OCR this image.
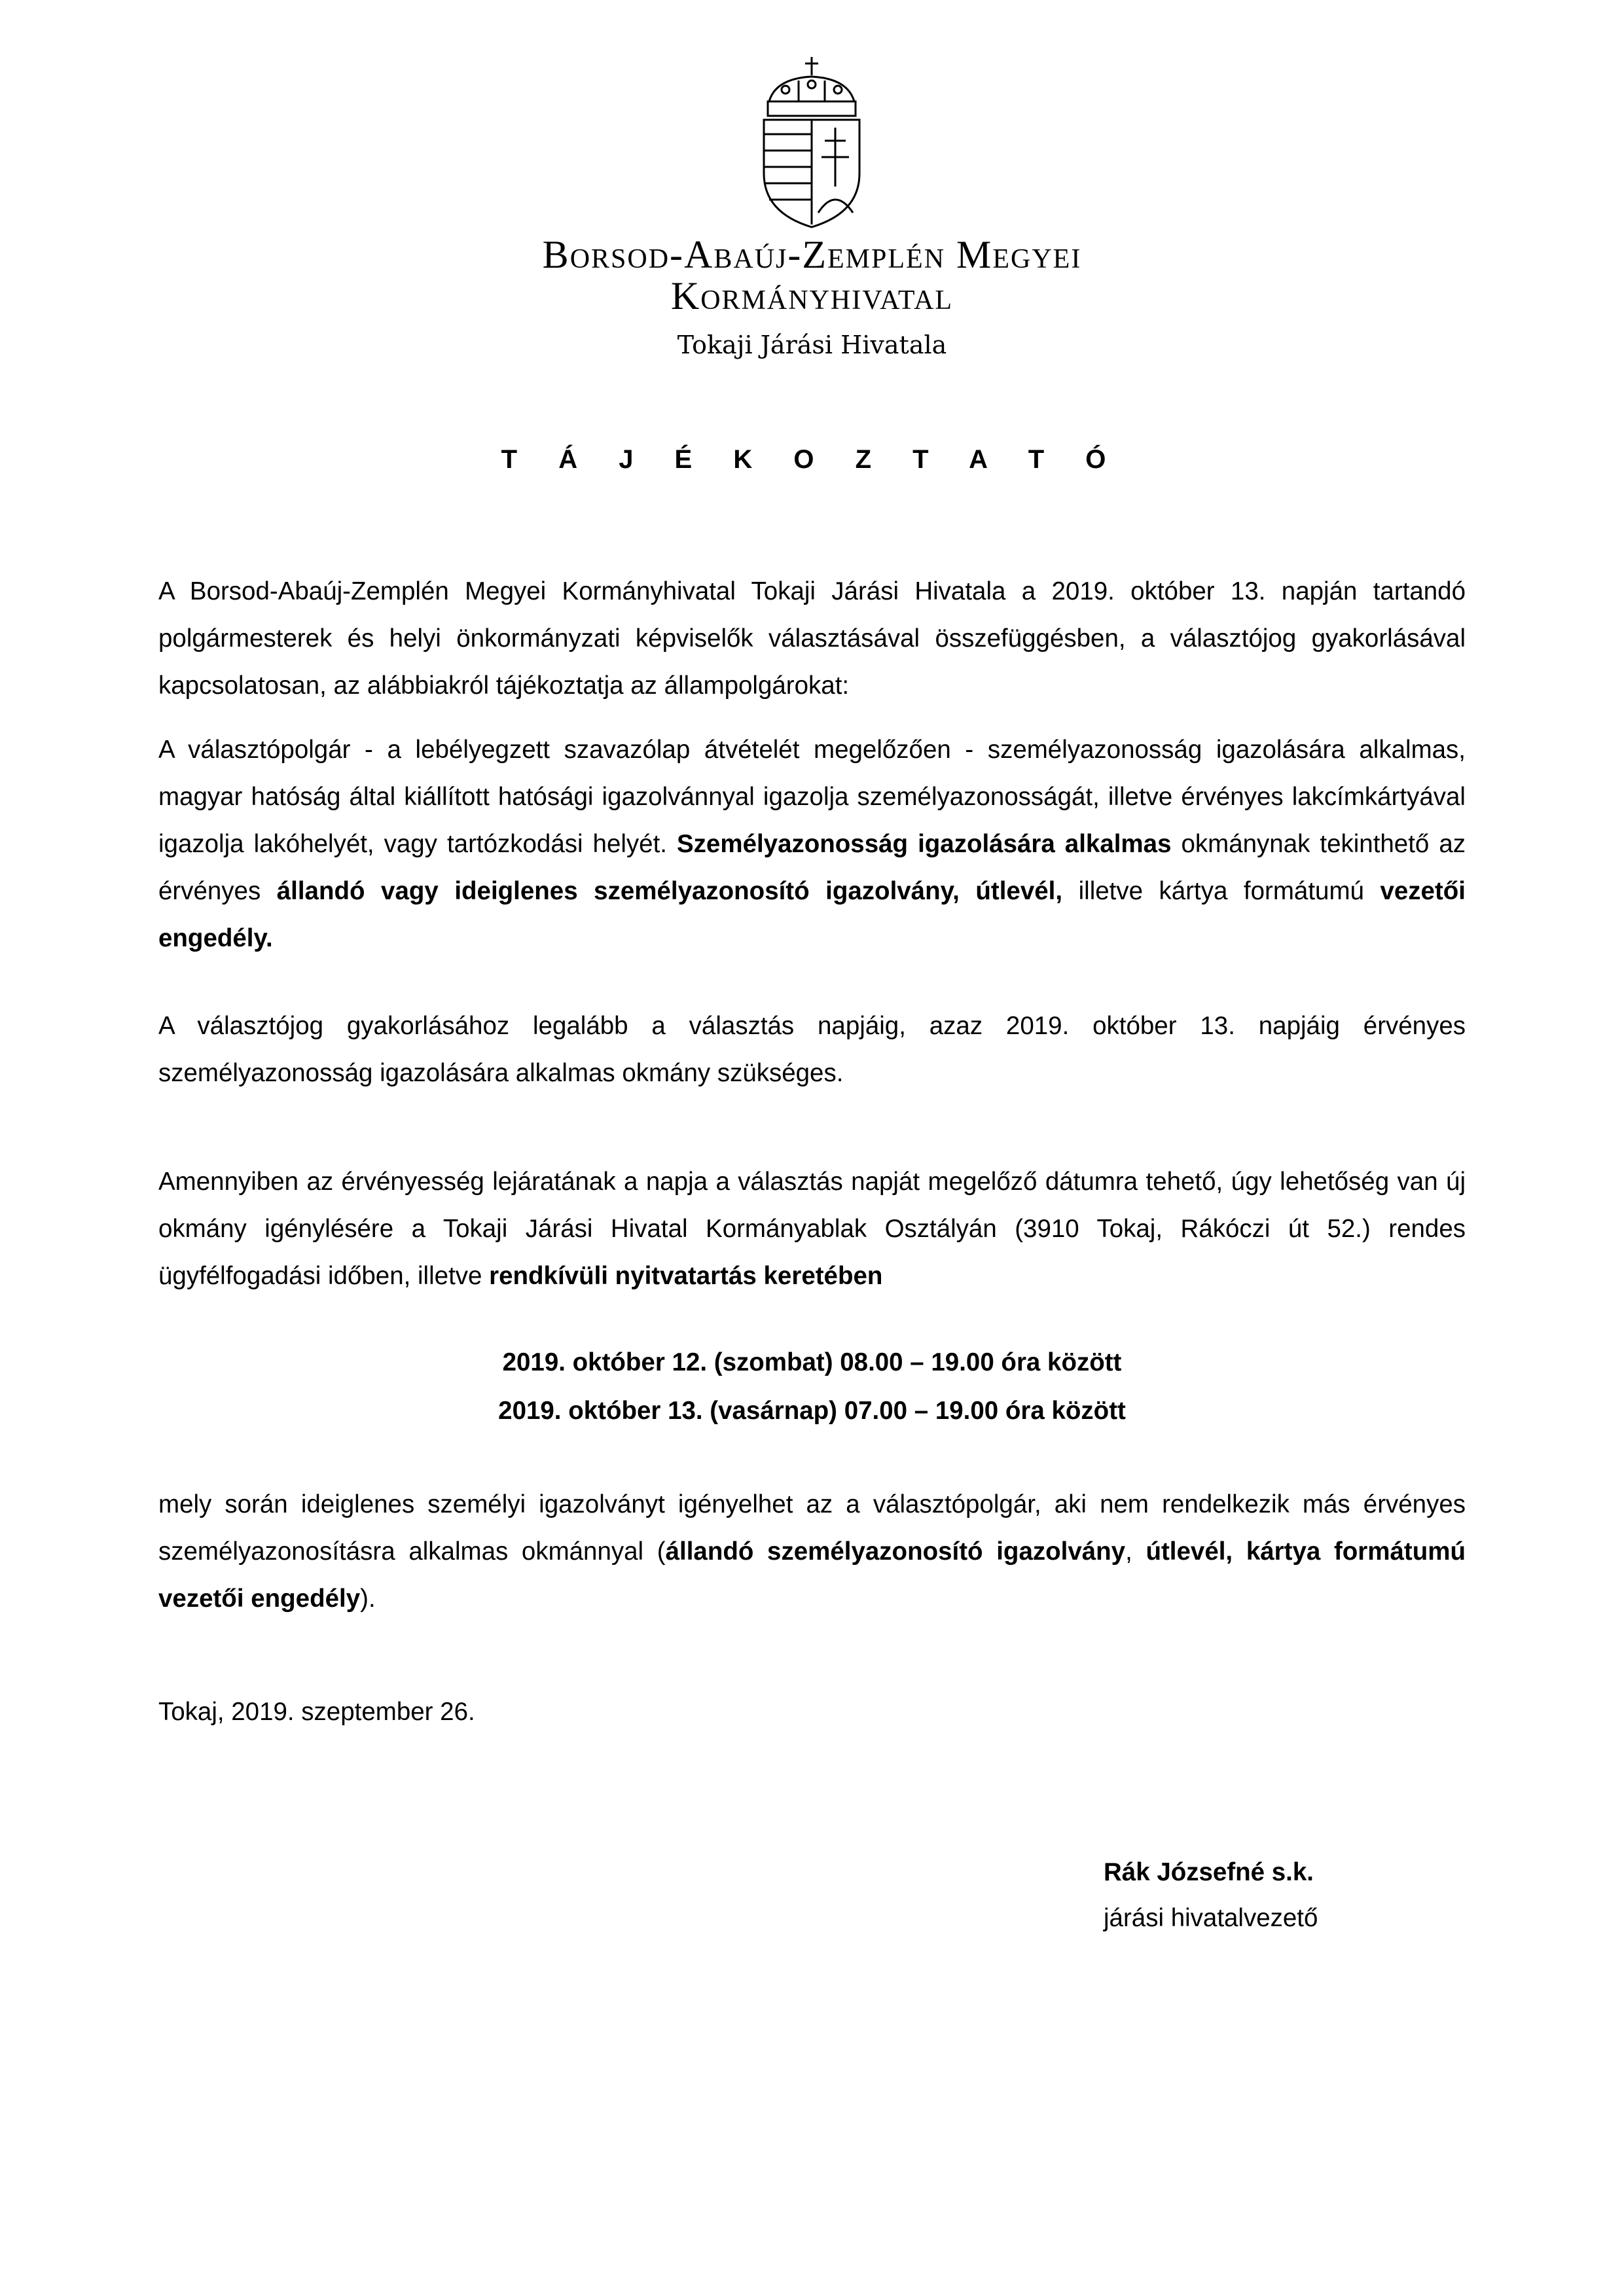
Borsod-Abaúj-Zemplén Megyei
Kormányhivatal
Tokaji Járási Hivatala
T Á J É K O Z T A T Ó
A Borsod-Abaúj-Zemplén Megyei Kormányhivatal Tokaji Járási Hivatala a 2019. október 13. napján tartandó polgármesterek és helyi önkormányzati képviselők választásával összefüggésben, a választójog gyakorlásával kapcsolatosan, az alábbiakról tájékoztatja az állampolgárokat:
A választópolgár - a lebélyegzett szavazólap átvételét megelőzően - személyazonosság igazolására alkalmas, magyar hatóság által kiállított hatósági igazolvánnyal igazolja személyazonosságát, illetve érvényes lakcímkártyával igazolja lakóhelyét, vagy tartózkodási helyét. Személyazonosság igazolására alkalmas okmánynak tekinthető az érvényes állandó vagy ideiglenes személyazonosító igazolvány, útlevél, illetve kártya formátumú vezetői engedély.
A választójog gyakorlásához legalább a választás napjáig, azaz 2019. október 13. napjáig érvényes személyazonosság igazolására alkalmas okmány szükséges.
Amennyiben az érvényesség lejáratának a napja a választás napját megelőző dátumra tehető, úgy lehetőség van új okmány igénylésére a Tokaji Járási Hivatal Kormányablak Osztályán (3910 Tokaj, Rákóczi út 52.) rendes ügyfélfogadási időben, illetve rendkívüli nyitvatartás keretében
2019. október 12. (szombat) 08.00 – 19.00 óra között
2019. október 13. (vasárnap) 07.00 – 19.00 óra között
mely során ideiglenes személyi igazolványt igényelhet az a választópolgár, aki nem rendelkezik más érvényes személyazonosításra alkalmas okmánnyal (állandó személyazonosító igazolvány, útlevél, kártya formátumú vezetői engedély).
Tokaj, 2019. szeptember 26.
Rák Józsefné s.k.
járási hivatalvezető
